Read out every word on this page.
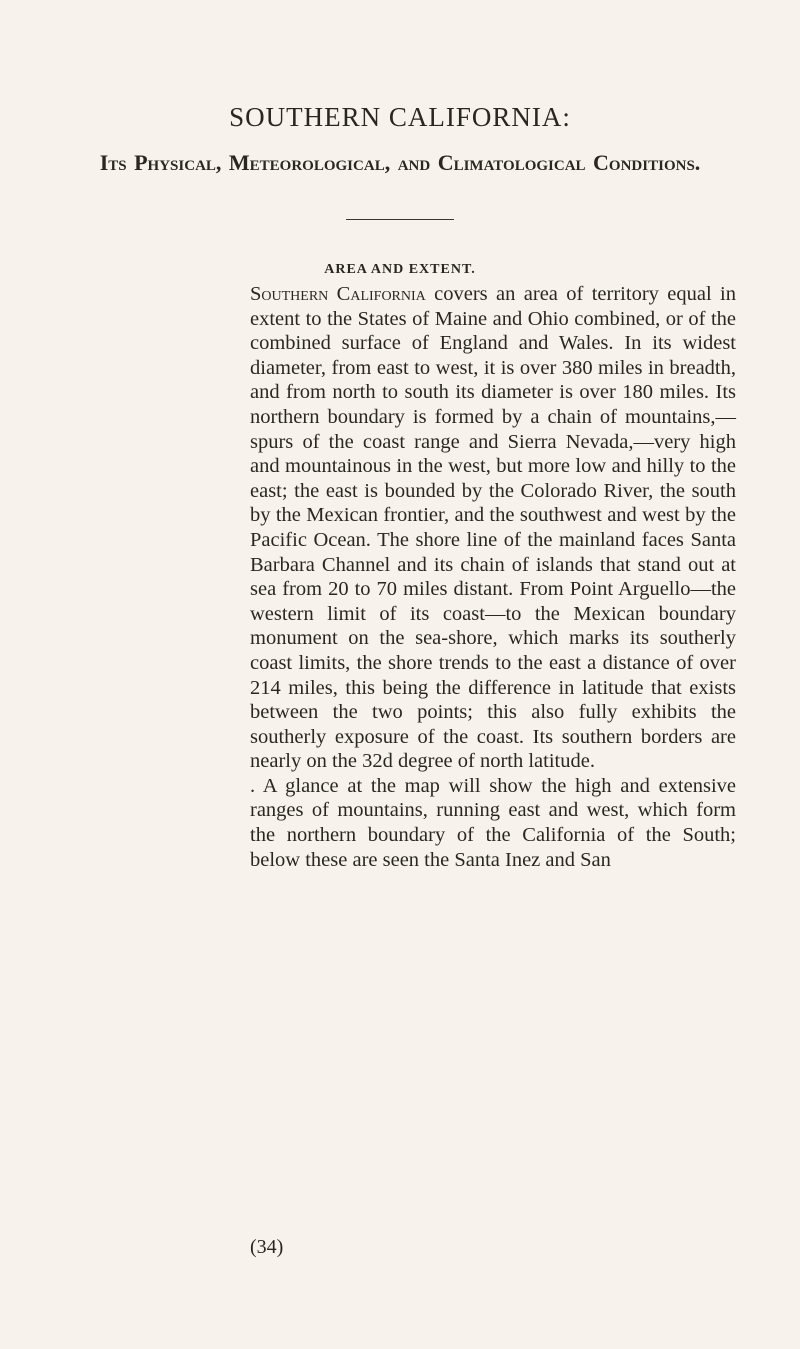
SOUTHERN CALIFORNIA:
Its Physical, Meteorological, and Climatological Conditions.
AREA AND EXTENT.

Southern California covers an area of territory equal in extent to the States of Maine and Ohio combined, or of the combined surface of England and Wales. In its widest diameter, from east to west, it is over 380 miles in breadth, and from north to south its diameter is over 180 miles. Its northern boundary is formed by a chain of mountains,—spurs of the coast range and Sierra Nevada,—very high and mountainous in the west, but more low and hilly to the east; the east is bounded by the Colorado River, the south by the Mexican frontier, and the southwest and west by the Pacific Ocean. The shore line of the mainland faces Santa Barbara Channel and its chain of islands that stand out at sea from 20 to 70 miles distant. From Point Arguello—the western limit of its coast—to the Mexican boundary monument on the sea-shore, which marks its southerly coast limits, the shore trends to the east a distance of over 214 miles, this being the difference in latitude that exists between the two points; this also fully exhibits the southerly exposure of the coast. Its southern borders are nearly on the 32d degree of north latitude.

. A glance at the map will show the high and extensive ranges of mountains, running east and west, which form the northern boundary of the California of the South; below these are seen the Santa Inez and San

(34)
